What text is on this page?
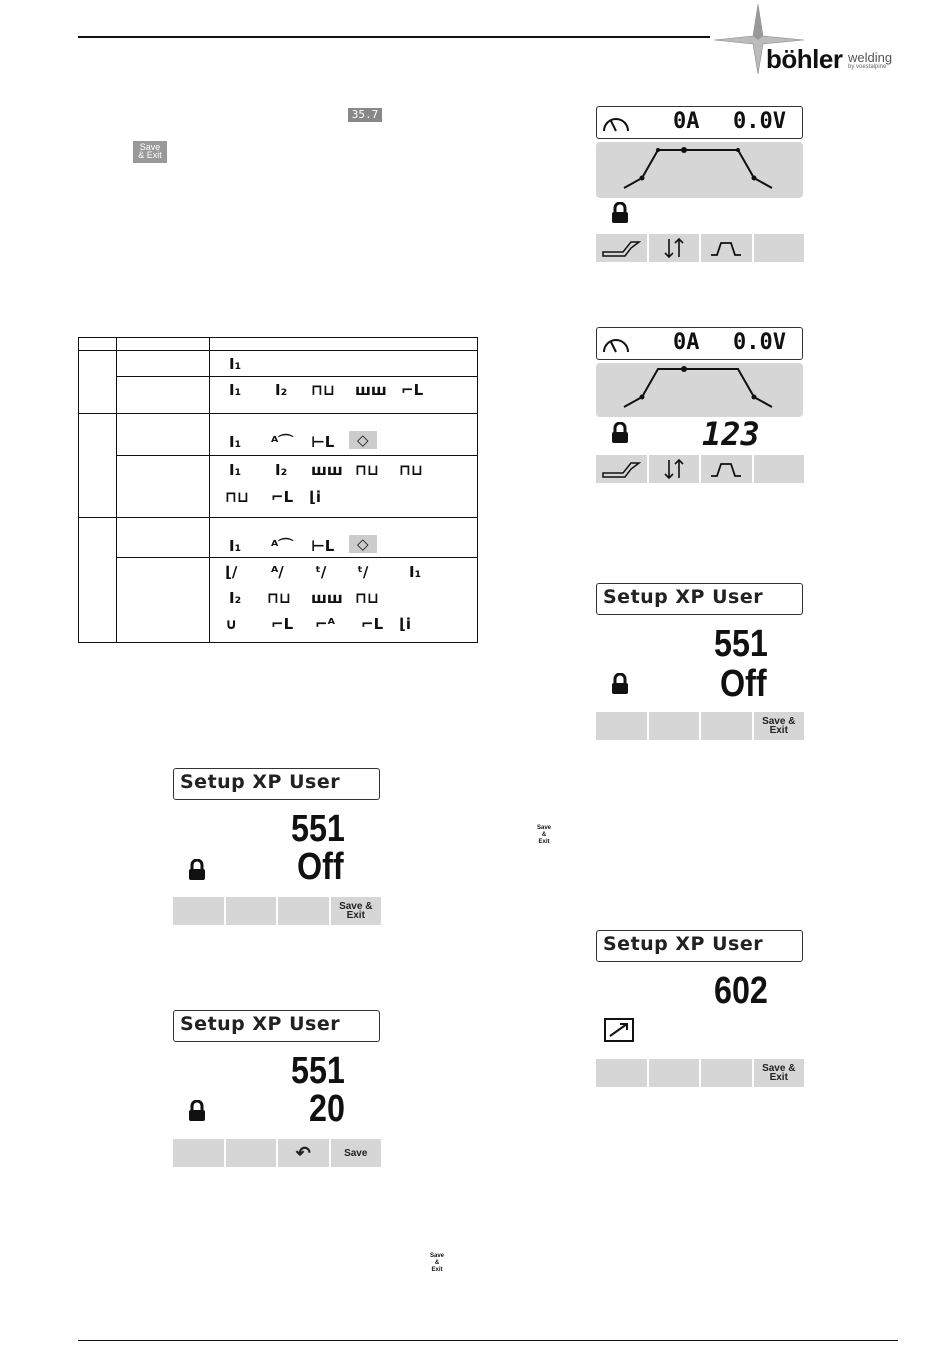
böhler welding
by voestalpine
35.7
Save
& Exit
Save
&
Exit
Save
&
Exit
I₁
I₁ I₂ ⊓⊔ ꟺꟺ ⌐L
I₁ ᴬ⌒ ⊢L	◇
I₁ I₂ ꟺꟺ ⊓⊔ ⊓⊔
⊓⊔ ⌐L ⌊i
I₁ ᴬ⌒ ⊢L	◇
⌊∕ ᴬ∕ ᵗ∕ ᵗ∕	I₁
I₂ ⊓⊔ ꟺꟺ ⊓⊔
∪ ⌐L ⌐ᴬ ⌐L ⌊i
0A 0.0V
0A 0.0V
123
Setup XP User
551
Off
Save & Exit
Setup XP User
551
Off
Save & Exit
Setup XP User
602
Save & Exit
Setup XP User
551
20
↶	Save
